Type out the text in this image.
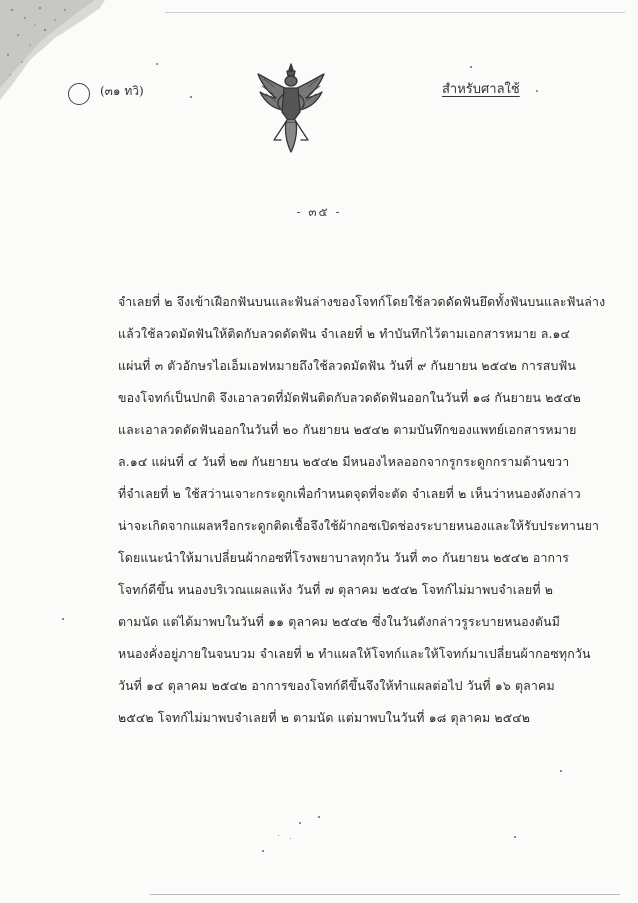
(๓๑ ทวิ)	สำหรับศาลใช้
- ๓๕ -
จำเลยที่ ๒ จึงเข้าเฝือกฟันบนและฟันล่างของโจทก์โดยใช้ลวดดัดฟันยึดทั้งฟันบนและฟันล่าง
แล้วใช้ลวดมัดฟันให้ติดกับลวดดัดฟัน จำเลยที่ ๒ ทำบันทึกไว้ตามเอกสารหมาย ล.๑๔
แผ่นที่ ๓ ตัวอักษรไอเอ็มเอฟหมายถึงใช้ลวดมัดฟัน วันที่ ๙ กันยายน ๒๕๔๒ การสบฟัน
ของโจทก์เป็นปกติ จึงเอาลวดที่มัดฟันติดกับลวดดัดฟันออกในวันที่ ๑๘ กันยายน ๒๕๔๒
และเอาลวดดัดฟันออกในวันที่ ๒๐ กันยายน ๒๕๔๒ ตามบันทึกของแพทย์เอกสารหมาย
ล.๑๔ แผ่นที่ ๔ วันที่ ๒๗ กันยายน ๒๕๔๒ มีหนองไหลออกจากรูกระดูกกรามด้านขวา
ที่จำเลยที่ ๒ ใช้สว่านเจาะกระดูกเพื่อกำหนดจุดที่จะตัด จำเลยที่ ๒ เห็นว่าหนองดังกล่าว
น่าจะเกิดจากแผลหรือกระดูกติดเชื้อจึงใช้ผ้ากอซเปิดช่องระบายหนองและให้รับประทานยา
โดยแนะนำให้มาเปลี่ยนผ้ากอซที่โรงพยาบาลทุกวัน วันที่ ๓๐ กันยายน ๒๕๔๒ อาการ
โจทก์ดีขึ้น หนองบริเวณแผลแห้ง วันที่ ๗ ตุลาคม ๒๕๔๒ โจทก์ไม่มาพบจำเลยที่ ๒
ตามนัด แต่ได้มาพบในวันที่ ๑๑ ตุลาคม ๒๕๔๒ ซึ่งในวันดังกล่าวรูระบายหนองตันมี
หนองคั่งอยู่ภายในจนบวม จำเลยที่ ๒ ทำแผลให้โจทก์และให้โจทก์มาเปลี่ยนผ้ากอซทุกวัน
วันที่ ๑๔ ตุลาคม ๒๕๔๒ อาการของโจทก์ดีขึ้นจึงให้ทำแผลต่อไป วันที่ ๑๖ ตุลาคม
๒๕๔๒ โจทก์ไม่มาพบจำเลยที่ ๒ ตามนัด แต่มาพบในวันที่ ๑๘ ตุลาคม ๒๕๔๒
